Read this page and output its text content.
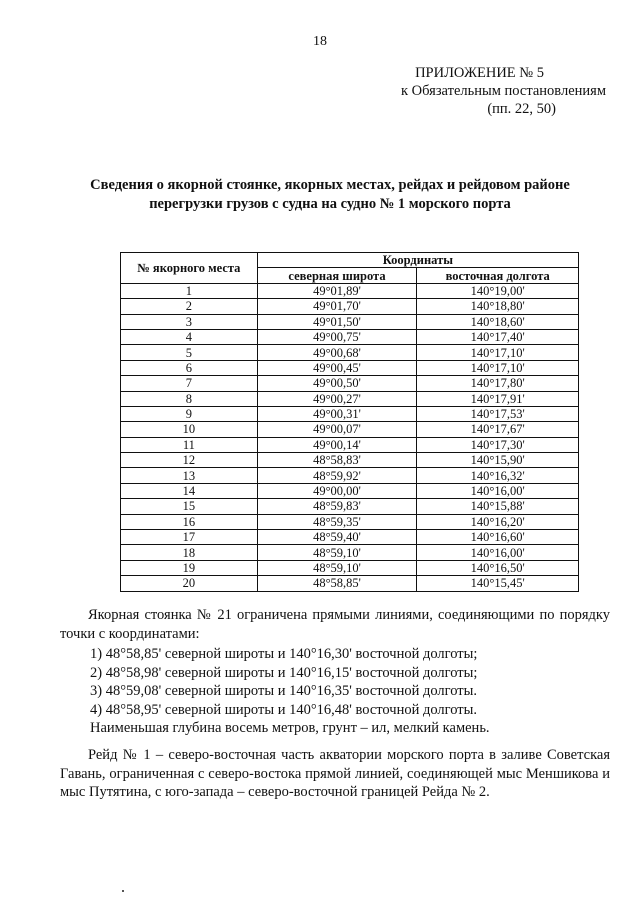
18
ПРИЛОЖЕНИЕ № 5
к Обязательным постановлениям
(пп. 22, 50)
Сведения о якорной стоянке, якорных местах, рейдах и рейдовом районе
перегрузки грузов с судна на судно № 1 морского порта
№ якорного места	Координаты	
	северная широта	восточная долгота
1	49°01,89'	140°19,00'
2	49°01,70'	140°18,80'
3	49°01,50'	140°18,60'
4	49°00,75'	140°17,40'
5	49°00,68'	140°17,10'
6	49°00,45'	140°17,10'
7	49°00,50'	140°17,80'
8	49°00,27'	140°17,91'
9	49°00,31'	140°17,53'
10	49°00,07'	140°17,67'
11	49°00,14'	140°17,30'
12	48°58,83'	140°15,90'
13	48°59,92'	140°16,32'
14	49°00,00'	140°16,00'
15	48°59,83'	140°15,88'
16	48°59,35'	140°16,20'
17	48°59,40'	140°16,60'
18	48°59,10'	140°16,00'
19	48°59,10'	140°16,50'
20	48°58,85'	140°15,45'
Якорная стоянка № 21 ограничена прямыми линиями, соединяющими по порядку точки с координатами:
1) 48°58,85' северной широты и 140°16,30' восточной долготы;
2) 48°58,98' северной широты и 140°16,15' восточной долготы;
3) 48°59,08' северной широты и 140°16,35' восточной долготы.
4) 48°58,95' северной широты и 140°16,48' восточной долготы.
Наименьшая глубина восемь метров, грунт – ил, мелкий камень.
Рейд № 1 – северо-восточная часть акватории морского порта в заливе Советская Гавань, ограниченная с северо-востока прямой линией, соединяющей мыс Меншикова и мыс Путятина, с юго-запада – северо-восточной границей Рейда № 2.
